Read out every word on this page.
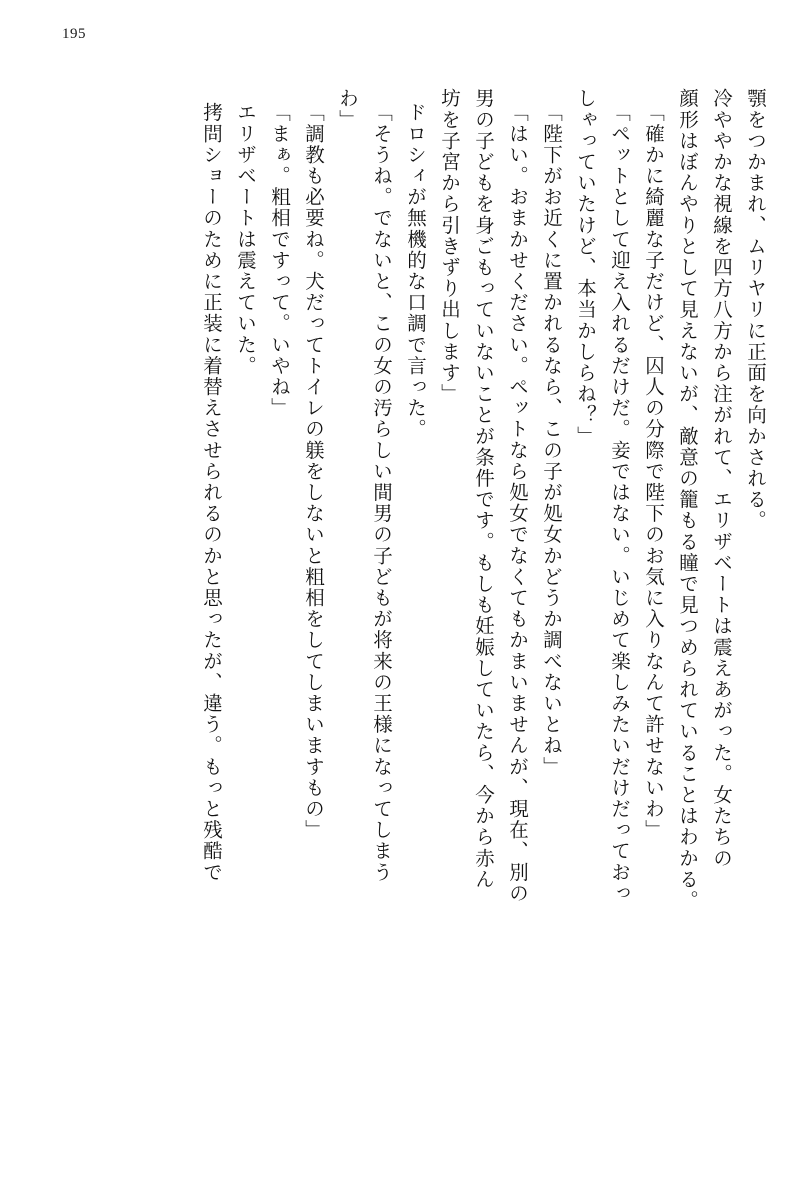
195
顎をつかまれ、ムリヤリに正面を向かされる。
冷ややかな視線を四方八方から注がれて、エリザベートは震えあがった。女たちの
顔形はぼんやりとして見えないが、敵意の籠もる瞳で見つめられていることはわかる。
「確かに綺麗な子だけど、囚人の分際で陛下のお気に入りなんて許せないわ」
「ペットとして迎え入れるだけだ。妾ではない。いじめて楽しみたいだけだっておっ
しゃっていたけど、本当かしらね？」
「陛下がお近くに置かれるなら、この子が処女かどうか調べないとね」
「はい。おまかせください。ペットなら処女でなくてもかまいませんが、現在、別の
男の子どもを身ごもっていないことが条件です。もしも妊娠していたら、今から赤ん
坊を子宮から引きずり出します」
ドロシィが無機的な口調で言った。
「そうね。でないと、この女の汚らしい間男の子どもが将来の王様になってしまう
わ」
「調教も必要ね。犬だってトイレの躾をしないと粗相をしてしまいますもの」
「まぁ。粗相ですって。いやね」
エリザベートは震えていた。
拷問ショーのために正装に着替えさせられるのかと思ったが、違う。もっと残酷で
